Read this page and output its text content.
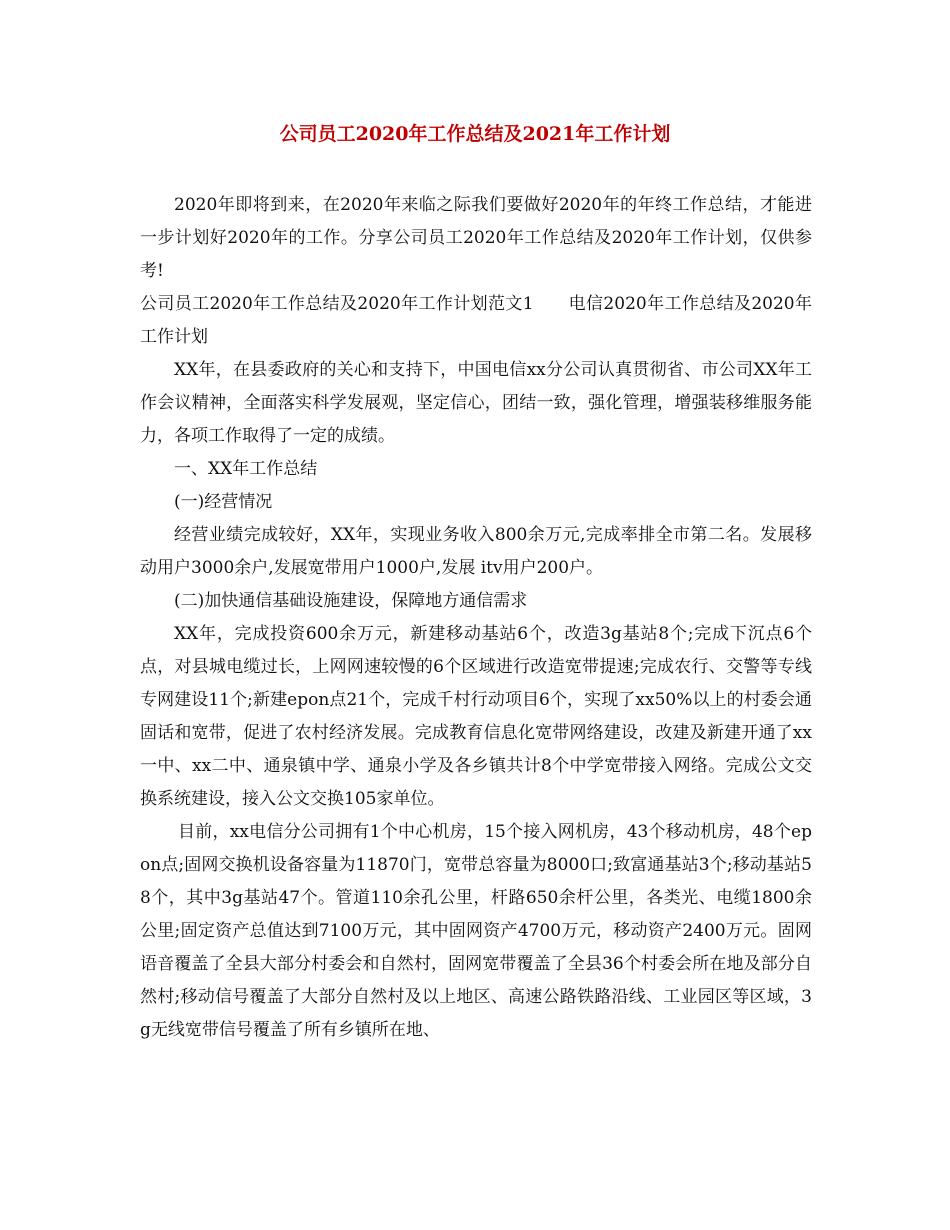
公司员工2020年工作总结及2021年工作计划

2020年即将到来，在2020年来临之际我们要做好2020年的年终工作总结，才能进一步计划好2020年的工作。分享公司员工2020年工作总结及2020年工作计划，仅供参考!

公司员工2020年工作总结及2020年工作计划范文1　　电信2020年工作总结及2020年工作计划

XX年，在县委政府的关心和支持下，中国电信xx分公司认真贯彻省、市公司XX年工作会议精神，全面落实科学发展观，坚定信心，团结一致，强化管理，增强装移维服务能力，各项工作取得了一定的成绩。

一、XX年工作总结

(一)经营情况

经营业绩完成较好，XX年，实现业务收入800余万元,完成率排全市第二名。发展移动用户3000余户,发展宽带用户1000户,发展 itv用户200户。

(二)加快通信基础设施建设，保障地方通信需求

XX年，完成投资600余万元，新建移动基站6个，改造3g基站8个;完成下沉点6个点，对县城电缆过长，上网网速较慢的6个区域进行改造宽带提速;完成农行、交警等专线专网建设11个;新建epon点21个，完成千村行动项目6个，实现了xx50%以上的村委会通固话和宽带，促进了农村经济发展。完成教育信息化宽带网络建设，改建及新建开通了xx一中、xx二中、通泉镇中学、通泉小学及各乡镇共计8个中学宽带接入网络。完成公文交换系统建设，接入公文交换105家单位。

目前，xx电信分公司拥有1个中心机房，15个接入网机房，43个移动机房，48个epon点;固网交换机设备容量为11870门，宽带总容量为8000口;致富通基站3个;移动基站58个，其中3g基站47个。管道110余孔公里，杆路650余杆公里，各类光、电缆1800余公里;固定资产总值达到7100万元，其中固网资产4700万元，移动资产2400万元。固网语音覆盖了全县大部分村委会和自然村，固网宽带覆盖了全县36个村委会所在地及部分自然村;移动信号覆盖了大部分自然村及以上地区、高速公路铁路沿线、工业园区等区域，3g无线宽带信号覆盖了所有乡镇所在地、
